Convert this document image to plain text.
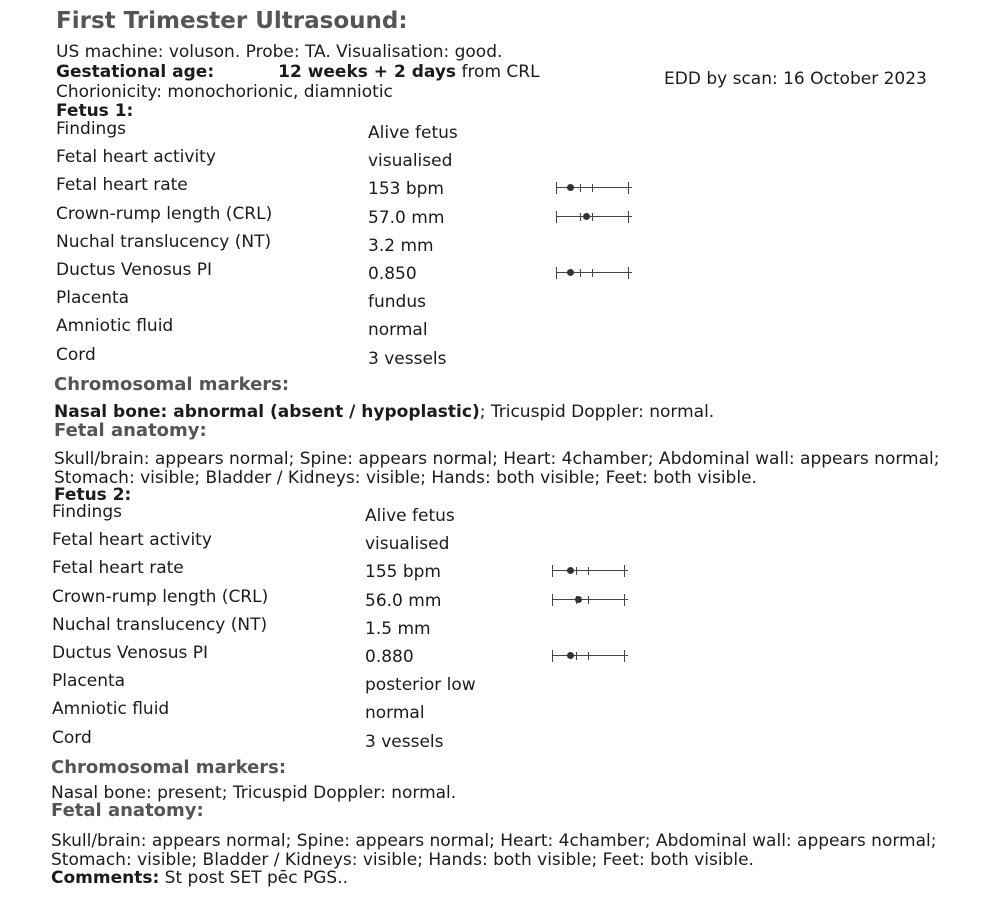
First Trimester Ultrasound:
US machine: voluson. Probe: TA. Visualisation: good.
Gestational age:	12 weeks + 2 days from CRL	EDD by scan: 16 October 2023
Chorionicity: monochorionic, diamniotic
Fetus 1:
Findings	Alive fetus
Fetal heart activity	visualised
Fetal heart rate	153 bpm
Crown-rump length (CRL)	57.0 mm
Nuchal translucency (NT)	3.2 mm
Ductus Venosus PI	0.850
Placenta	fundus
Amniotic fluid	normal
Cord	3 vessels
Chromosomal markers:
Nasal bone: abnormal (absent / hypoplastic); Tricuspid Doppler: normal.
Fetal anatomy:
Skull/brain: appears normal; Spine: appears normal; Heart: 4chamber; Abdominal wall: appears normal; Stomach: visible; Bladder / Kidneys: visible; Hands: both visible; Feet: both visible.
Fetus 2:
Findings	Alive fetus
Fetal heart activity	visualised
Fetal heart rate	155 bpm
Crown-rump length (CRL)	56.0 mm
Nuchal translucency (NT)	1.5 mm
Ductus Venosus PI	0.880
Placenta	posterior low
Amniotic fluid	normal
Cord	3 vessels
Chromosomal markers:
Nasal bone: present; Tricuspid Doppler: normal.
Fetal anatomy:
Skull/brain: appears normal; Spine: appears normal; Heart: 4chamber; Abdominal wall: appears normal; Stomach: visible; Bladder / Kidneys: visible; Hands: both visible; Feet: both visible.
Comments: St post SET pēc PGS..
